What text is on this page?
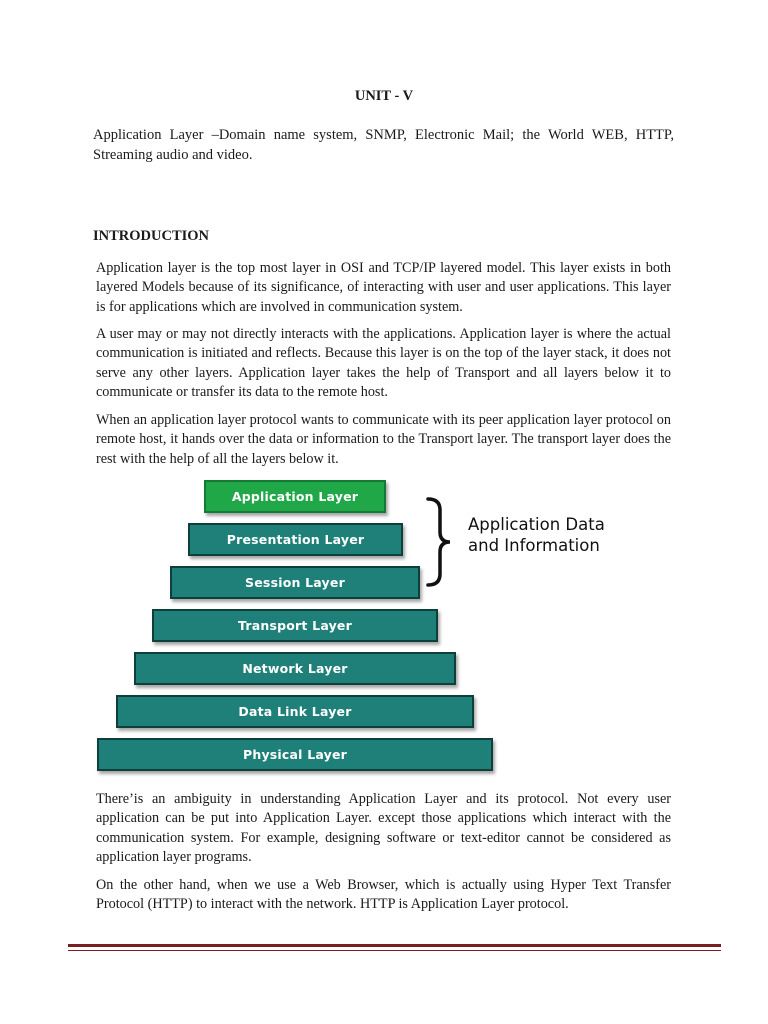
UNIT - V
Application Layer –Domain name system, SNMP, Electronic Mail; the World WEB, HTTP, Streaming audio and video.
INTRODUCTION

Application layer is the top most layer in OSI and TCP/IP layered model. This layer exists in both layered Models because of its significance, of interacting with user and user applications. This layer is for applications which are involved in communication system.

A user may or may not directly interacts with the applications. Application layer is where the actual communication is initiated and reflects. Because this layer is on the top of the layer stack, it does not serve any other layers. Application layer takes the help of Transport and all layers below it to communicate or transfer its data to the remote host.

When an application layer protocol wants to communicate with its peer application layer protocol on remote host, it hands over the data or information to the Transport layer. The transport layer does the rest with the help of all the layers below it.

Application Layer
Presentation Layer
Session Layer
Transport Layer
Network Layer
Data Link Layer
Physical Layer
Application Data
and Information

There’is an ambiguity in understanding Application Layer and its protocol. Not every user application can be put into Application Layer. except those applications which interact with the communication system. For example, designing software or text-editor cannot be considered as application layer programs.

On the other hand, when we use a Web Browser, which is actually using Hyper Text Transfer Protocol (HTTP) to interact with the network. HTTP is Application Layer protocol.
